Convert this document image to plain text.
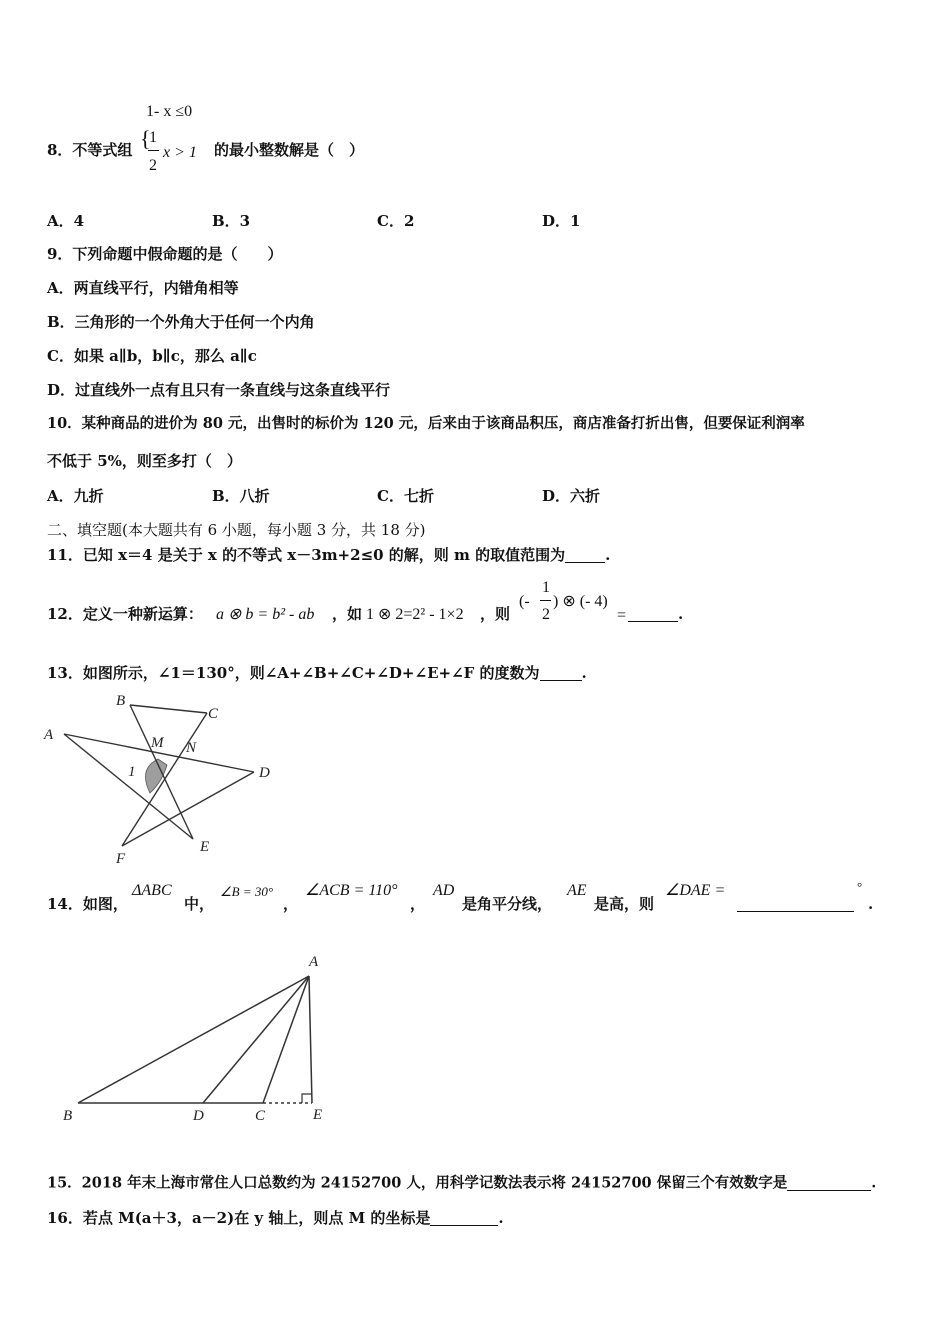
1- x ≤0
8．不等式组 {
1
2
x > 1 的最小整数解是（　）
A．4	B．3	C．2	D．1
9．下列命题中假命题的是（　　）
A．两直线平行，内错角相等
B．三角形的一个外角大于任何一个内角
C．如果 a∥b，b∥c，那么 a∥c
D．过直线外一点有且只有一条直线与这条直线平行
10．某种商品的进价为 80 元，出售时的标价为 120 元，后来由于该商品积压，商店准备打折出售，但要保证利润率
不低于 5%，则至多打（　）
A．九折	B．八折	C．七折	D．六折
二、填空题(本大题共有 6 小题，每小题 3 分，共 18 分)
11．已知 x＝4 是关于 x 的不等式 x－3m+2≤0 的解，则 m 的取值范围为	.
12．定义一种新运算： a ⊗ b = b² - ab ，如 1 ⊗ 2=2² - 1×2 ，则
(-
1
2
) ⊗ (- 4)
=	.
13．如图所示，∠1＝130°，则∠A+∠B+∠C+∠D+∠E+∠F 的度数为	.
A
B
C
M N
D
1
E
F
14．如图，
ΔABC
中，
∠B = 30°
，
∠ACB = 110°
，
AD
是角平分线，
AE
是高，则
∠DAE =	°
.
A
B	D	C	E
15．2018 年末上海市常住人口总数约为 24152700 人，用科学记数法表示将 24152700 保留三个有效数字是	.
16．若点 M(a＋3，a－2)在 y 轴上，则点 M 的坐标是	.
